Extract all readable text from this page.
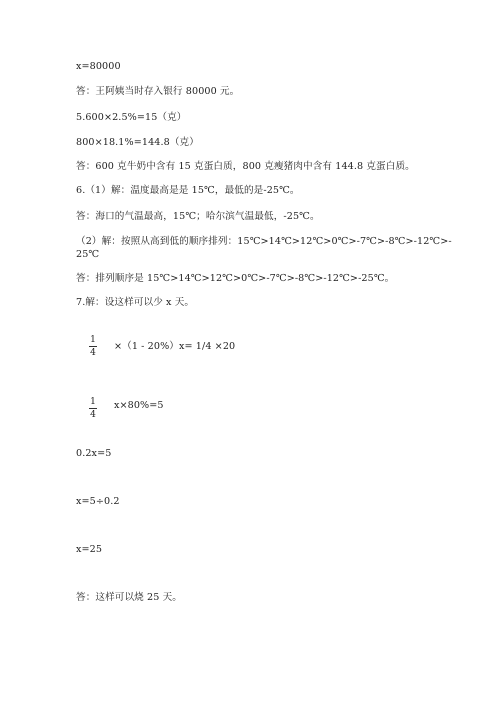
x=80000
答：王阿姨当时存入银行 80000 元。
5.600×2.5%=15（克）
800×18.1%=144.8（克）
答：600 克牛奶中含有 15 克蛋白质，800 克瘦猪肉中含有 144.8 克蛋白质。
6.（1）解：温度最高是是 15℃，最低的是-25℃。
答：海口的气温最高，15℃；哈尔滨气温最低，-25℃。
（2）解：按照从高到低的顺序排列：15℃>14℃>12℃>0℃>-7℃>-8℃>-12℃>-
25℃
答：排列顺序是 15℃>14℃>12℃>0℃>-7℃>-8℃>-12℃>-25℃。
7.解：设这样可以少 x 天。
1
4
×（1 - 20%）x= 1/4 ×20
1
4
x×80%=5
0.2x=5
x=5÷0.2
x=25
答：这样可以烧 25 天。
